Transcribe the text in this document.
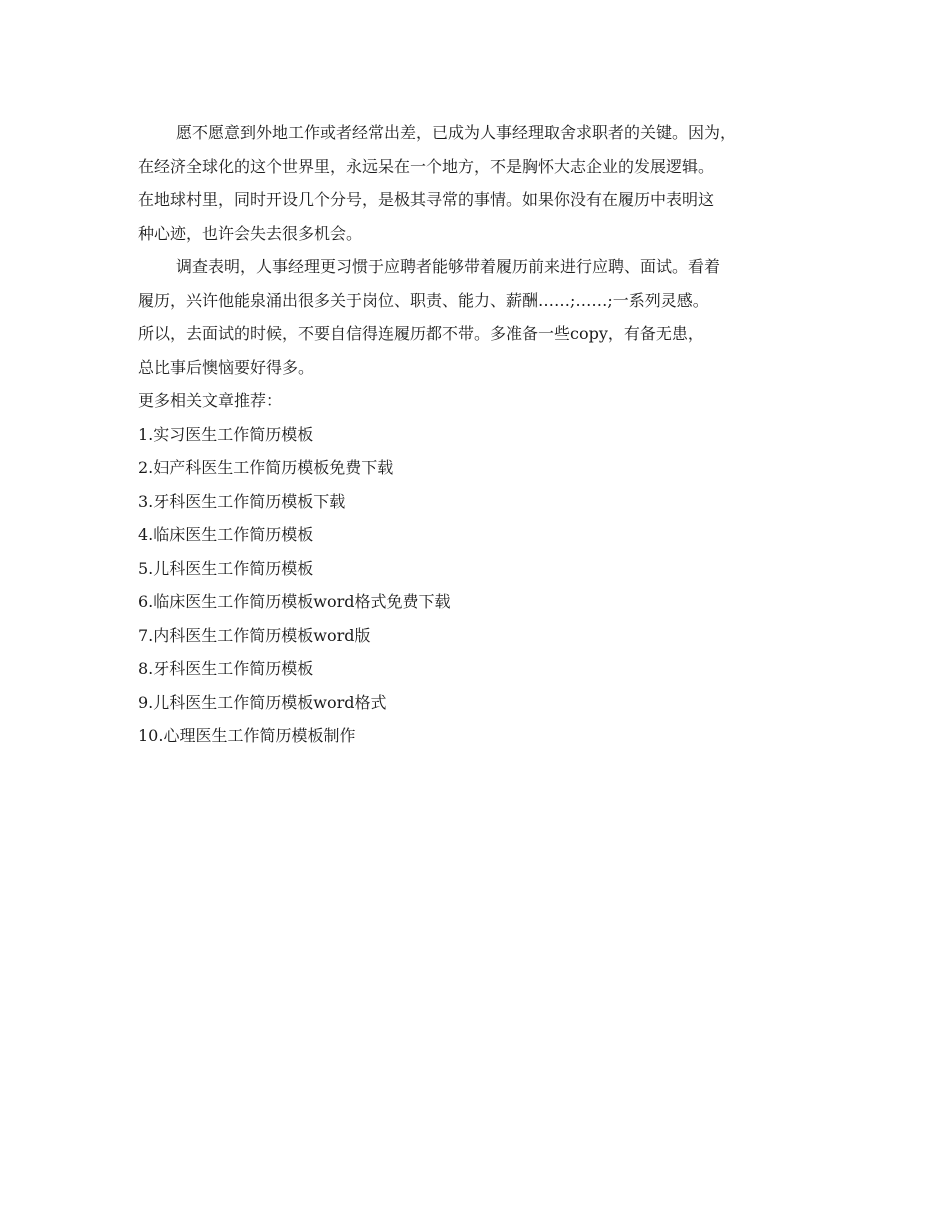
愿不愿意到外地工作或者经常出差，已成为人事经理取舍求职者的关键。因为，
在经济全球化的这个世界里，永远呆在一个地方，不是胸怀大志企业的发展逻辑。
在地球村里，同时开设几个分号，是极其寻常的事情。如果你没有在履历中表明这
种心迹，也许会失去很多机会。
调查表明，人事经理更习惯于应聘者能够带着履历前来进行应聘、面试。看着
履历，兴许他能泉涌出很多关于岗位、职责、能力、薪酬……;……;一系列灵感。
所以，去面试的时候，不要自信得连履历都不带。多准备一些copy，有备无患，
总比事后懊恼要好得多。
更多相关文章推荐：
1.实习医生工作简历模板
2.妇产科医生工作简历模板免费下载
3.牙科医生工作简历模板下载
4.临床医生工作简历模板
5.儿科医生工作简历模板
6.临床医生工作简历模板word格式免费下载
7.内科医生工作简历模板word版
8.牙科医生工作简历模板
9.儿科医生工作简历模板word格式
10.心理医生工作简历模板制作
